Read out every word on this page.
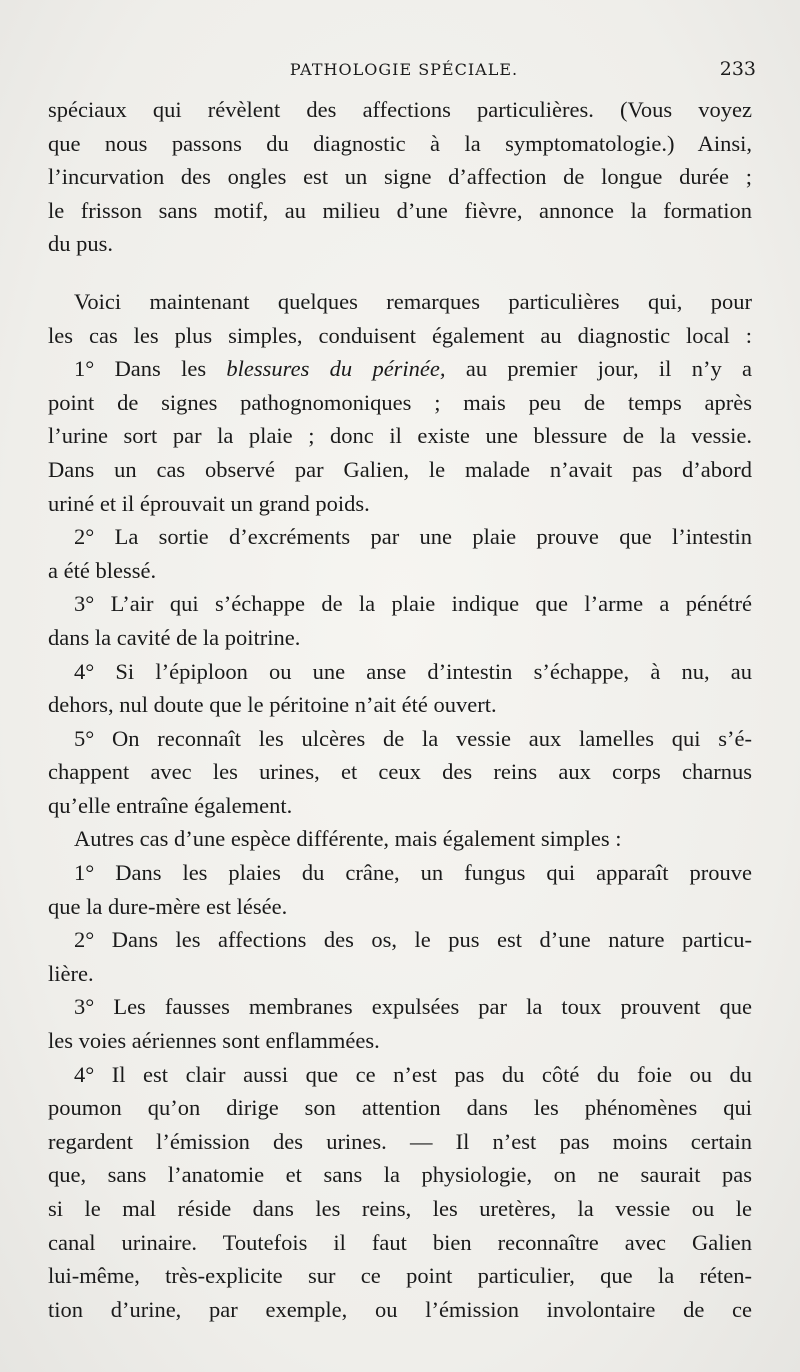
PATHOLOGIE SPÉCIALE.	233

spéciaux qui révèlent des affections particulières. (Vous voyez

que nous passons du diagnostic à la symptomatologie.) Ainsi,

l’incurvation des ongles est un signe d’affection de longue durée ;

le frisson sans motif, au milieu d’une fièvre, annonce la formation

du pus.

Voici maintenant quelques remarques particulières qui, pour

les cas les plus simples, conduisent également au diagnostic local :

1° Dans les blessures du périnée, au premier jour, il n’y a

point de signes pathognomoniques ; mais peu de temps après

l’urine sort par la plaie ; donc il existe une blessure de la vessie.

Dans un cas observé par Galien, le malade n’avait pas d’abord

uriné et il éprouvait un grand poids.

2° La sortie d’excréments par une plaie prouve que l’intestin

a été blessé.

3° L’air qui s’échappe de la plaie indique que l’arme a pénétré

dans la cavité de la poitrine.

4° Si l’épiploon ou une anse d’intestin s’échappe, à nu, au

dehors, nul doute que le péritoine n’ait été ouvert.

5° On reconnaît les ulcères de la vessie aux lamelles qui s’é-

chappent avec les urines, et ceux des reins aux corps charnus

qu’elle entraîne également.

Autres cas d’une espèce différente, mais également simples :

1° Dans les plaies du crâne, un fungus qui apparaît prouve

que la dure-mère est lésée.

2° Dans les affections des os, le pus est d’une nature particu-

lière.

3° Les fausses membranes expulsées par la toux prouvent que

les voies aériennes sont enflammées.

4° Il est clair aussi que ce n’est pas du côté du foie ou du

poumon qu’on dirige son attention dans les phénomènes qui

regardent l’émission des urines. — Il n’est pas moins certain

que, sans l’anatomie et sans la physiologie, on ne saurait pas

si le mal réside dans les reins, les uretères, la vessie ou le

canal urinaire. Toutefois il faut bien reconnaître avec Galien

lui-même, très-explicite sur ce point particulier, que la réten-

tion d’urine, par exemple, ou l’émission involontaire de ce
